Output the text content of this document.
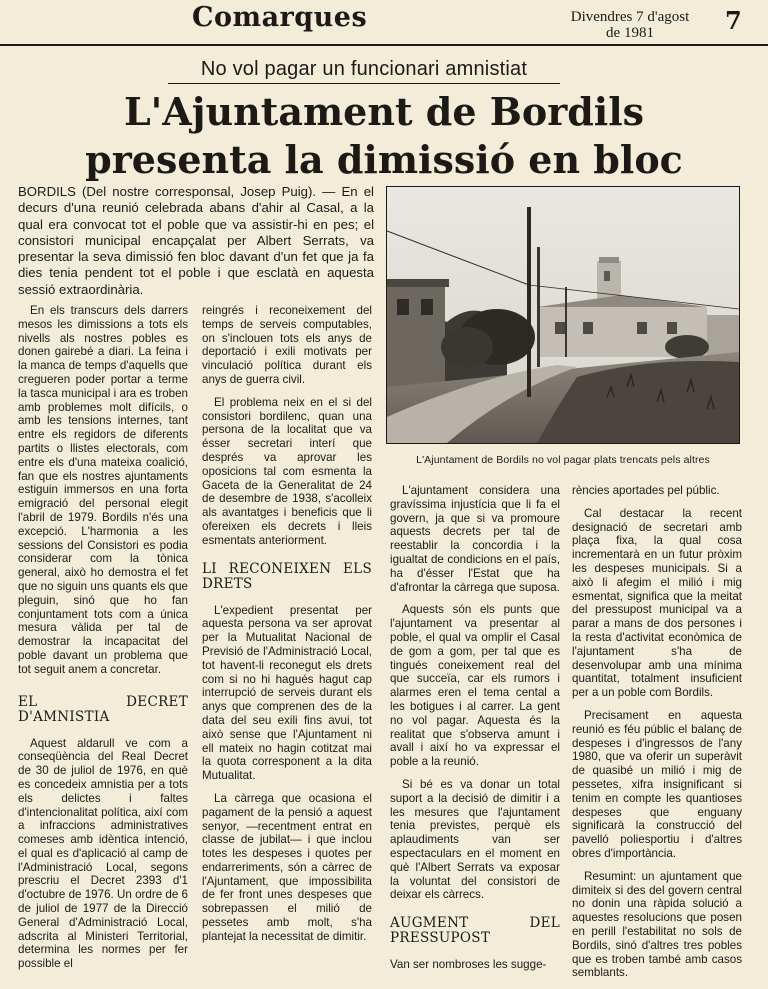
Comarques	Divendres 7 d'agost
de 1981	7
No vol pagar un funcionari amnistiat
L'Ajuntament de Bordils
presenta la dimissió en bloc
BORDILS (Del nostre corresponsal, Josep Puig). — En el decurs d'una reunió celebrada abans d'ahir al Casal, a la qual era convocat tot el poble que va assistir-hi en pes; el consistori municipal encapçalat per Albert Serrats, va presentar la seva dimissió fen bloc davant d'un fet que ja fa dies tenia pendent tot el poble i que esclatà en aquesta sessió extraordinària.
L'Ajuntament de Bordils no vol pagar plats trencats pels altres

En els transcurs dels darrers mesos les dimissions a tots els nivells als nostres pobles es donen gairebé a diari. La feina i la manca de temps d'aquells que cregueren poder portar a terme la tasca municipal i ara es troben amb problemes molt difícils, o amb les tensions internes, tant entre els regidors de diferents partits o llistes electorals, com entre els d'una mateixa coalició, fan que els nostres ajuntaments estiguin immersos en una forta emigració del personal elegit l'abril de 1979. Bordils n'és una excepció. L'harmonia a les sessions del Consistori es podia considerar com la tònica general, això ho demostra el fet que no siguin uns quants els que pleguin, sinó que ho fan conjuntament tots com a única mesura vàlida per tal de demostrar la incapacitat del poble davant un problema que tot seguit anem a concretar.

EL DECRET D'AMNISTIA

Aquest aldarull ve com a conseqüència del Real Decret de 30 de juliol de 1976, en què es concedeix amnistia per a tots els delictes i faltes d'intencionalitat política, així com a infraccions administratives comeses amb idèntica intenció, el qual es d'aplicació al camp de l'Administració Local, segons prescriu el Decret 2393 d'1 d'octubre de 1976. Un ordre de 6 de juliol de 1977 de la Direcció General d'Administració Local, adscrita al Ministeri Territorial, determina les normes per fer possible el

reingrés i reconeixement del temps de serveis computables, on s'inclouen tots els anys de deportació i exili motivats per vinculació política durant els anys de guerra civil.

El problema neix en el si del consistori bordilenc, quan una persona de la localitat que va ésser secretari interí que després va aprovar les oposicions tal com esmenta la Gaceta de la Generalitat de 24 de desembre de 1938, s'acolleix als avantatges i beneficis que li ofereixen els decrets i lleis esmentats anteriorment.

LI RECONEIXEN ELS DRETS

L'expedient presentat per aquesta persona va ser aprovat per la Mutualitat Nacional de Previsió de l'Administració Local, tot havent-li reconegut els drets com si no hi hagués hagut cap interrupció de serveis durant els anys que comprenen des de la data del seu exili fins avui, tot això sense que l'Ajuntament ni ell mateix no hagin cotitzat mai la quota corresponent a la dita Mutualitat.

La càrrega que ocasiona el pagament de la pensió a aquest senyor, —recentment entrat en classe de jubilat— i que inclou totes les despeses i quotes per endarreriments, són a càrrec de l'Ajuntament, que impossibilita de fer front unes despeses que sobrepassen el milió de pessetes amb molt, s'ha plantejat la necessitat de dimitir.

L'ajuntament considera una gravíssima injustícia que li fa el govern, ja que si va promoure aquests decrets per tal de reestablir la concordia i la igualtat de condicions en el país, ha d'ésser l'Estat que ha d'afrontar la càrrega que suposa.

Aquests són els punts que l'ajuntament va presentar al poble, el qual va omplir el Casal de gom a gom, per tal que es tingués coneixement real del que succeïa, car els rumors i alarmes eren el tema cental a les botigues i al carrer. La gent no vol pagar. Aquesta és la realitat que s'observa amunt i avall i així ho va expressar el poble a la reunió.

Si bé es va donar un total suport a la decisió de dimitir i a les mesures que l'ajuntament tenia previstes, perquè els aplaudiments van ser espectaculars en el moment en què l'Albert Serrats va exposar la voluntat del consistori de deixar els càrrecs.

AUGMENT DEL PRESSUPOST

Van ser nombroses les sugge-

rències aportades pel públic.

Cal destacar la recent designació de secretari amb plaça fixa, la qual cosa incrementarà en un futur pròxim les despeses municipals. Si a això li afegim el milió i mig esmentat, significa que la meitat del pressupost municipal va a parar a mans de dos persones i la resta d'activitat econòmica de l'ajuntament s'ha de desenvolupar amb una mínima quantitat, totalment insuficient per a un poble com Bordils.

Precisament en aquesta reunió es féu públic el balanç de despeses i d'ingressos de l'any 1980, que va oferir un superàvit de quasibé un milió i mig de pessetes, xifra insignificant si tenim en compte les quantioses despeses que enguany significarà la construcció del pavelló poliesportiu i d'altres obres d'importància.

Resumint: un ajuntament que dimiteix si des del govern central no donin una ràpida solució a aquestes resolucions que posen en perill l'estabilitat no sols de Bordils, sinó d'altres tres pobles que es troben també amb casos semblants.
